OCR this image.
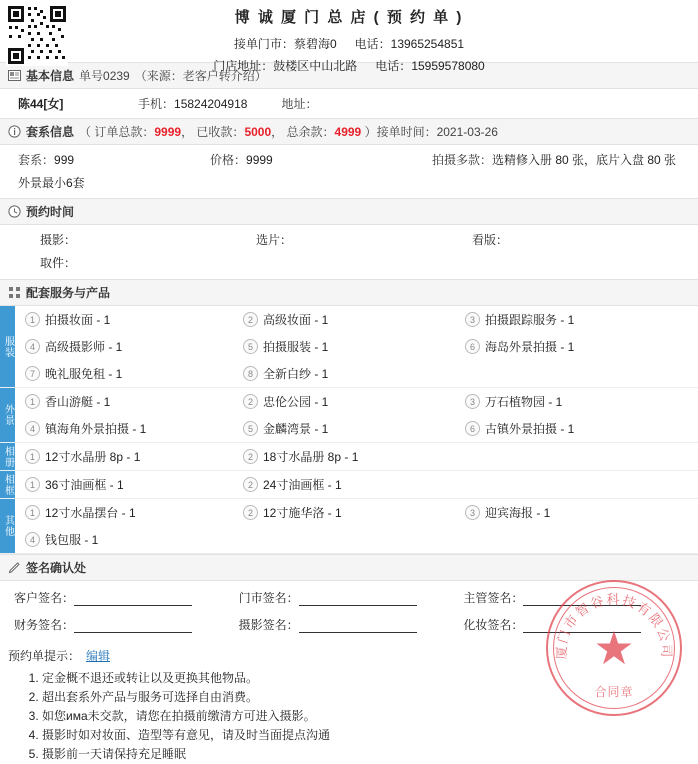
博 诚 厦 门 总 店 ( 预 约 单 )
接单门市：蔡碧海0 电话：13965254851
门店地址：鼓楼区中山北路 电话：15959578080
基本信息 单号0239 （来源：老客户转介绍）
陈44[女]	手机：15824204918	地址：
套系信息 （ 订单总款：9999， 已收款：5000， 总余款：4999 ）接单时间：2021-03-26
套系：999	价格：9999	拍摄多款：选精修入册 80 张，底片入盘 80 张
外景最小6套
预约时间
摄影：	选片：	看版：
取件：
配套服务与产品
服装
1 拍摄妆面 - 1	2 高级妆面 - 1	3 拍摄跟踪服务 - 1
4 高级摄影师 - 1	5 拍摄服装 - 1	6 海岛外景拍摄 - 1
7 晚礼服免租 - 1	8 全新白纱 - 1
外景
1 香山游艇 - 1	2 忠伦公园 - 1	3 万石植物园 - 1
4 镇海角外景拍摄 - 1	5 金麟湾景 - 1	6 古镇外景拍摄 - 1
相册	1 12寸水晶册 8p - 1	2 18寸水晶册 8p - 1
相框	1 36寸油画框 - 1	2 24寸油画框 - 1
其他
1 12寸水晶摆台 - 1	2 12寸施华洛 - 1	3 迎宾海报 - 1
4 钱包服 - 1
签名确认处
客户签名：	门市签名：	主管签名：
财务签名：	摄影签名：	化妆签名：
预约单提示： 编辑
1. 定金概不退还或转让以及更换其他物品。
2. 超出套系外产品与服务可选择自由消费。
3. 如您има未交款，请您在拍摄前缴清方可进入摄影。
4. 摄影时如对妆面、造型等有意见，请及时当面提点沟通
5. 摄影前一天请保持充足睡眠
厦门市智谷科技有限公司
★
合同章
